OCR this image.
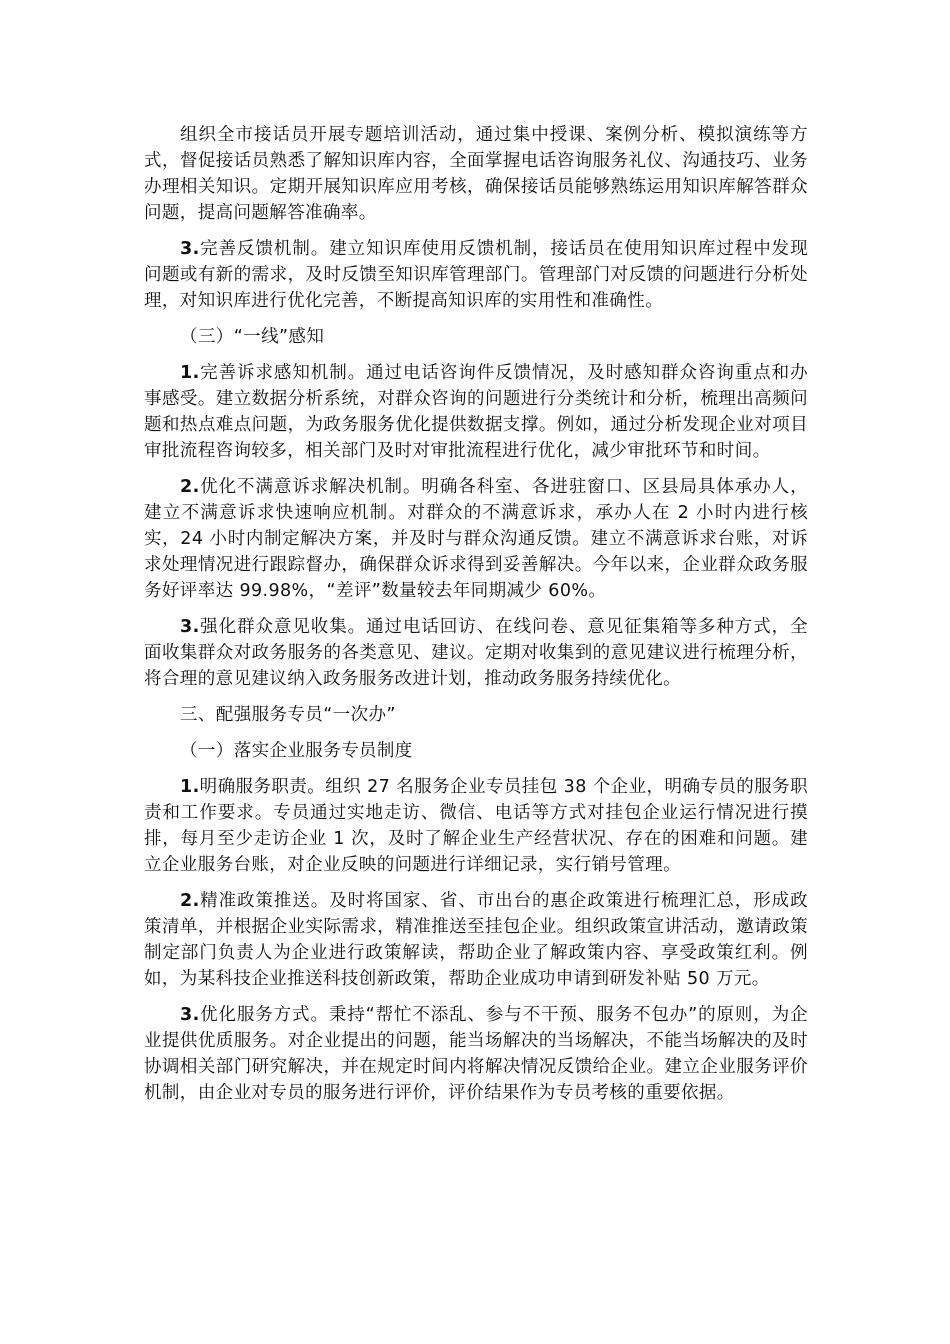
组织全市接话员开展专题培训活动，通过集中授课、案例分析、模拟演练等方式，督促接话员熟悉了解知识库内容，全面掌握电话咨询服务礼仪、沟通技巧、业务办理相关知识。定期开展知识库应用考核，确保接话员能够熟练运用知识库解答群众问题，提高问题解答准确率。

3.完善反馈机制。建立知识库使用反馈机制，接话员在使用知识库过程中发现问题或有新的需求，及时反馈至知识库管理部门。管理部门对反馈的问题进行分析处理，对知识库进行优化完善，不断提高知识库的实用性和准确性。

（三）“一线”感知

1.完善诉求感知机制。通过电话咨询件反馈情况，及时感知群众咨询重点和办事感受。建立数据分析系统，对群众咨询的问题进行分类统计和分析，梳理出高频问题和热点难点问题，为政务服务优化提供数据支撑。例如，通过分析发现企业对项目审批流程咨询较多，相关部门及时对审批流程进行优化，减少审批环节和时间。

2.优化不满意诉求解决机制。明确各科室、各进驻窗口、区县局具体承办人，建立不满意诉求快速响应机制。对群众的不满意诉求，承办人在 2 小时内进行核实，24 小时内制定解决方案，并及时与群众沟通反馈。建立不满意诉求台账，对诉求处理情况进行跟踪督办，确保群众诉求得到妥善解决。今年以来，企业群众政务服务好评率达 99.98%，“差评”数量较去年同期减少 60%。

3.强化群众意见收集。通过电话回访、在线问卷、意见征集箱等多种方式，全面收集群众对政务服务的各类意见、建议。定期对收集到的意见建议进行梳理分析，将合理的意见建议纳入政务服务改进计划，推动政务服务持续优化。

三、配强服务专员“一次办”

（一）落实企业服务专员制度

1.明确服务职责。组织 27 名服务企业专员挂包 38 个企业，明确专员的服务职责和工作要求。专员通过实地走访、微信、电话等方式对挂包企业运行情况进行摸排，每月至少走访企业 1 次，及时了解企业生产经营状况、存在的困难和问题。建立企业服务台账，对企业反映的问题进行详细记录，实行销号管理。

2.精准政策推送。及时将国家、省、市出台的惠企政策进行梳理汇总，形成政策清单，并根据企业实际需求，精准推送至挂包企业。组织政策宣讲活动，邀请政策制定部门负责人为企业进行政策解读，帮助企业了解政策内容、享受政策红利。例如，为某科技企业推送科技创新政策，帮助企业成功申请到研发补贴 50 万元。

3.优化服务方式。秉持“帮忙不添乱、参与不干预、服务不包办”的原则，为企业提供优质服务。对企业提出的问题，能当场解决的当场解决，不能当场解决的及时协调相关部门研究解决，并在规定时间内将解决情况反馈给企业。建立企业服务评价机制，由企业对专员的服务进行评价，评价结果作为专员考核的重要依据。
